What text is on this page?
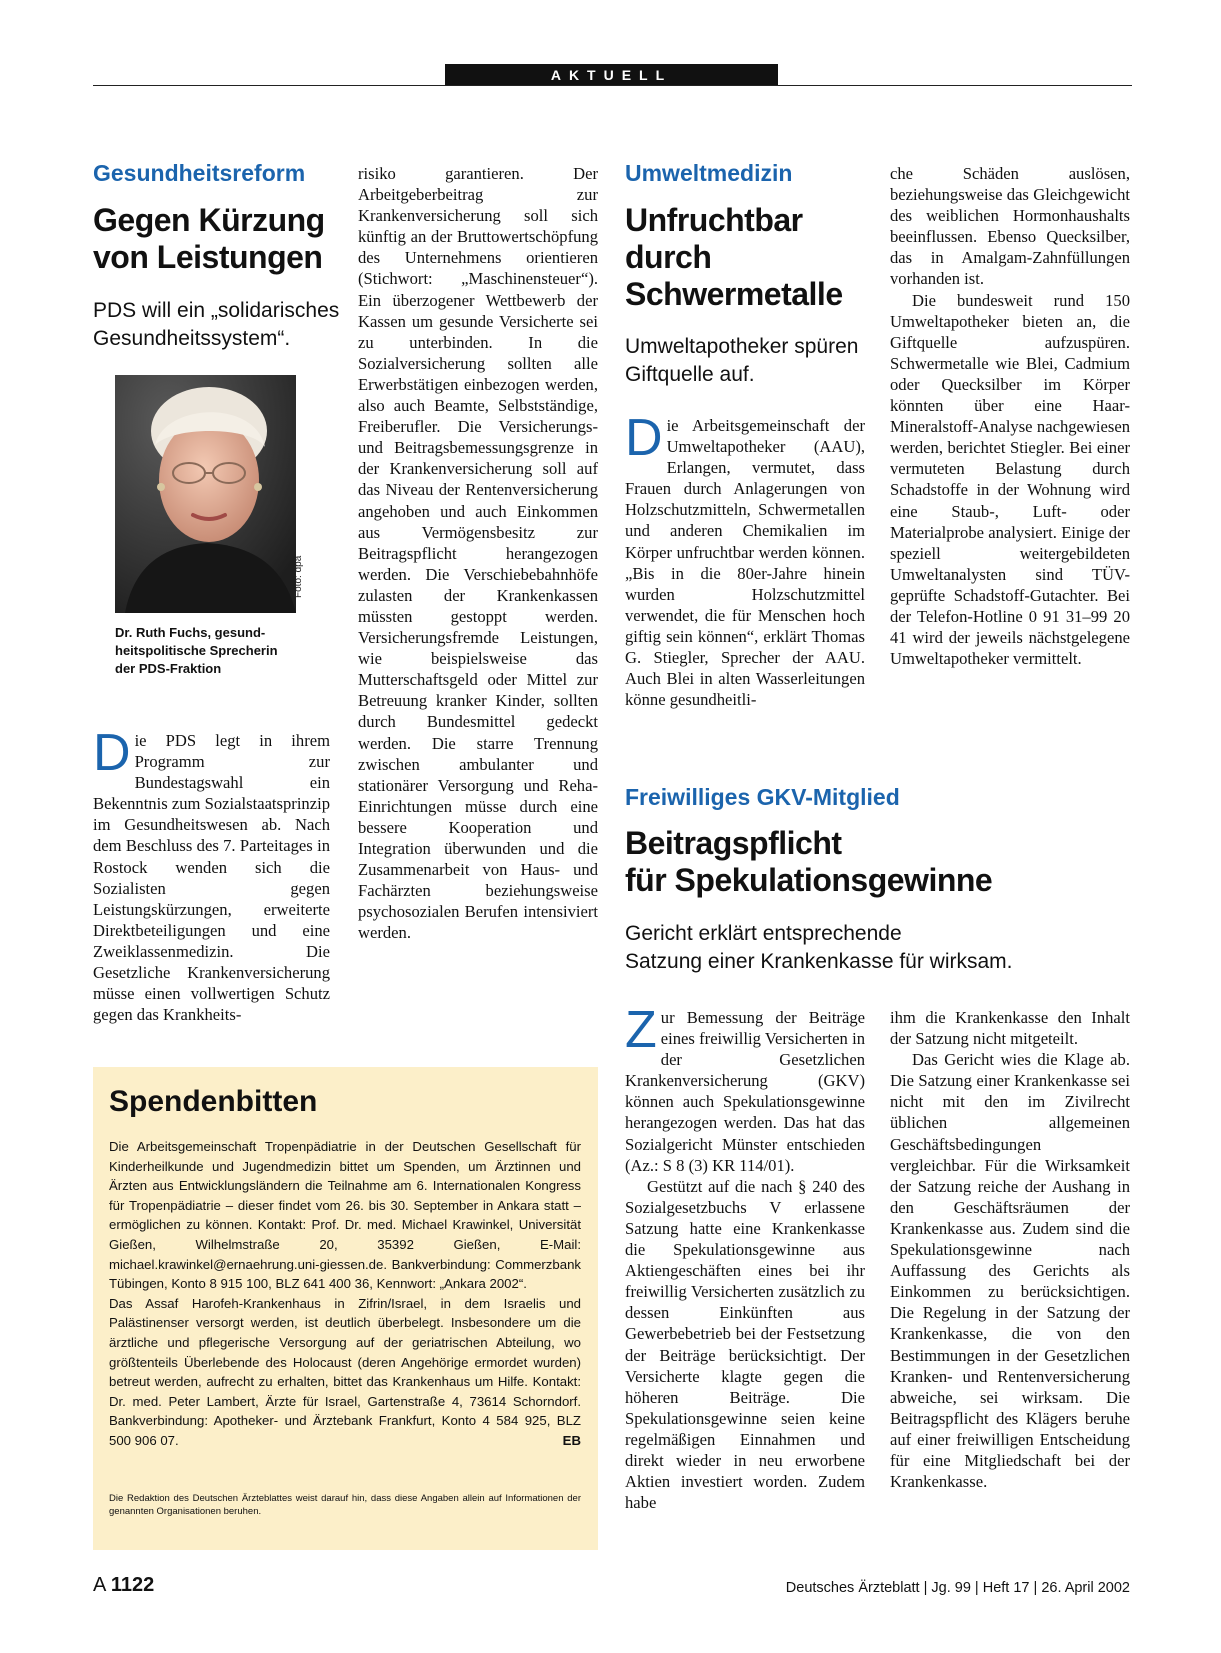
AKTUELL
Gesundheitsreform
Gegen Kürzung
von Leistungen
PDS will ein „solidarisches
Gesundheitssystem“.
Foto: dpa
Dr. Ruth Fuchs, gesund-
heitspolitische Sprecherin
der PDS-Fraktion

Die PDS legt in ihrem Programm zur Bundestagswahl ein Bekenntnis zum Sozialstaatsprinzip im Gesundheitswesen ab. Nach dem Beschluss des 7. Parteitages in Rostock wenden sich die Sozialisten gegen Leistungskürzungen, erweiterte Direktbeteiligungen und eine Zweiklassenmedizin. Die Gesetzliche Krankenversicherung müsse einen vollwertigen Schutz gegen das Krankheits-

risiko garantieren. Der Arbeitgeberbeitrag zur Krankenversicherung soll sich künftig an der Bruttowertschöpfung des Unternehmens orientieren (Stichwort: „Maschinensteuer“). Ein überzogener Wettbewerb der Kassen um gesunde Versicherte sei zu unterbinden. In die Sozialversicherung sollten alle Erwerbstätigen einbezogen werden, also auch Beamte, Selbstständige, Freiberufler. Die Versicherungs- und Beitragsbemessungsgrenze in der Krankenversicherung soll auf das Niveau der Rentenversicherung angehoben und auch Einkommen aus Vermögensbesitz zur Beitragspflicht herangezogen werden. Die Verschiebebahnhöfe zulasten der Krankenkassen müssten gestoppt werden. Versicherungsfremde Leistungen, wie beispielsweise das Mutterschaftsgeld oder Mittel zur Betreuung kranker Kinder, sollten durch Bundesmittel gedeckt werden. Die starre Trennung zwischen ambulanter und stationärer Versorgung und Reha-Einrichtungen müsse durch eine bessere Kooperation und Integration überwunden und die Zusammenarbeit von Haus- und Fachärzten beziehungsweise psychosozialen Berufen intensiviert werden.

Umweltmedizin
Unfruchtbar
durch
Schwermetalle
Umweltapotheker spüren
Giftquelle auf.

Die Arbeitsgemeinschaft der Umweltapotheker (AAU), Erlangen, vermutet, dass Frauen durch Anlagerungen von Holzschutzmitteln, Schwermetallen und anderen Chemikalien im Körper unfruchtbar werden können. „Bis in die 80er-Jahre hinein wurden Holzschutzmittel verwendet, die für Menschen hoch giftig sein können“, erklärt Thomas G. Stiegler, Sprecher der AAU. Auch Blei in alten Wasserleitungen könne gesundheitli-

che Schäden auslösen, beziehungsweise das Gleichgewicht des weiblichen Hormonhaushalts beeinflussen. Ebenso Quecksilber, das in Amalgam-Zahnfüllungen vorhanden ist.

Die bundesweit rund 150 Umweltapotheker bieten an, die Giftquelle aufzuspüren. Schwermetalle wie Blei, Cadmium oder Quecksilber im Körper könnten über eine Haar-Mineralstoff-Analyse nachgewiesen werden, berichtet Stiegler. Bei einer vermuteten Belastung durch Schadstoffe in der Wohnung wird eine Staub-, Luft- oder Materialprobe analysiert. Einige der speziell weitergebildeten Umweltanalysten sind TÜV-geprüfte Schadstoff-Gutachter. Bei der Telefon-Hotline 0 91 31–99 20 41 wird der jeweils nächstgelegene Umweltapotheker vermittelt.

Freiwilliges GKV-Mitglied
Beitragspflicht
für Spekulationsgewinne
Gericht erklärt entsprechende
Satzung einer Krankenkasse für wirksam.

Zur Bemessung der Beiträge eines freiwillig Versicherten in der Gesetzlichen Krankenversicherung (GKV) können auch Spekulationsgewinne herangezogen werden. Das hat das Sozialgericht Münster entschieden (Az.: S 8 (3) KR 114/01).

Gestützt auf die nach § 240 des Sozialgesetzbuchs V erlassene Satzung hatte eine Krankenkasse die Spekulationsgewinne aus Aktiengeschäften eines bei ihr freiwillig Versicherten zusätzlich zu dessen Einkünften aus Gewerbebetrieb bei der Festsetzung der Beiträge berücksichtigt. Der Versicherte klagte gegen die höheren Beiträge. Die Spekulationsgewinne seien keine regelmäßigen Einnahmen und direkt wieder in neu erworbene Aktien investiert worden. Zudem habe

ihm die Krankenkasse den Inhalt der Satzung nicht mitgeteilt.

Das Gericht wies die Klage ab. Die Satzung einer Krankenkasse sei nicht mit den im Zivilrecht üblichen allgemeinen Geschäftsbedingungen vergleichbar. Für die Wirksamkeit der Satzung reiche der Aushang in den Geschäftsräumen der Krankenkasse aus. Zudem sind die Spekulationsgewinne nach Auffassung des Gerichts als Einkommen zu berücksichtigen. Die Regelung in der Satzung der Krankenkasse, die von den Bestimmungen in der Gesetzlichen Kranken- und Rentenversicherung abweiche, sei wirksam. Die Beitragspflicht des Klägers beruhe auf einer freiwilligen Entscheidung für eine Mitgliedschaft bei der Krankenkasse.

Spendenbitten
Die Arbeitsgemeinschaft Tropenpädiatrie in der Deutschen Gesellschaft für Kinderheilkunde und Jugendmedizin bittet um Spenden, um Ärztinnen und Ärzten aus Entwicklungsländern die Teilnahme am 6. Internationalen Kongress für Tropenpädiatrie – dieser findet vom 26. bis 30. September in Ankara statt – ermöglichen zu können. Kontakt: Prof. Dr. med. Michael Krawinkel, Universität Gießen, Wilhelmstraße 20, 35392 Gießen, E-Mail: michael.krawinkel@ernaehrung.uni-giessen.de. Bankverbindung: Commerzbank Tübingen, Konto 8 915 100, BLZ 641 400 36, Kennwort: „Ankara 2002“.
Das Assaf Harofeh-Krankenhaus in Zifrin/Israel, in dem Israelis und Palästinenser versorgt werden, ist deutlich überbelegt. Insbesondere um die ärztliche und pflegerische Versorgung auf der geriatrischen Abteilung, wo größtenteils Überlebende des Holocaust (deren Angehörige ermordet wurden) betreut werden, aufrecht zu erhalten, bittet das Krankenhaus um Hilfe. Kontakt: Dr. med. Peter Lambert, Ärzte für Israel, Gartenstraße 4, 73614 Schorndorf. Bankverbindung: Apotheker- und Ärztebank Frankfurt, Konto 4 584 925, BLZ 500 906 07.	EB
Die Redaktion des Deutschen Ärzteblattes weist darauf hin, dass diese Angaben allein auf Informationen der genannten Organisationen beruhen.
A 1122	Deutsches Ärzteblatt | Jg. 99 | Heft 17 | 26. April 2002
